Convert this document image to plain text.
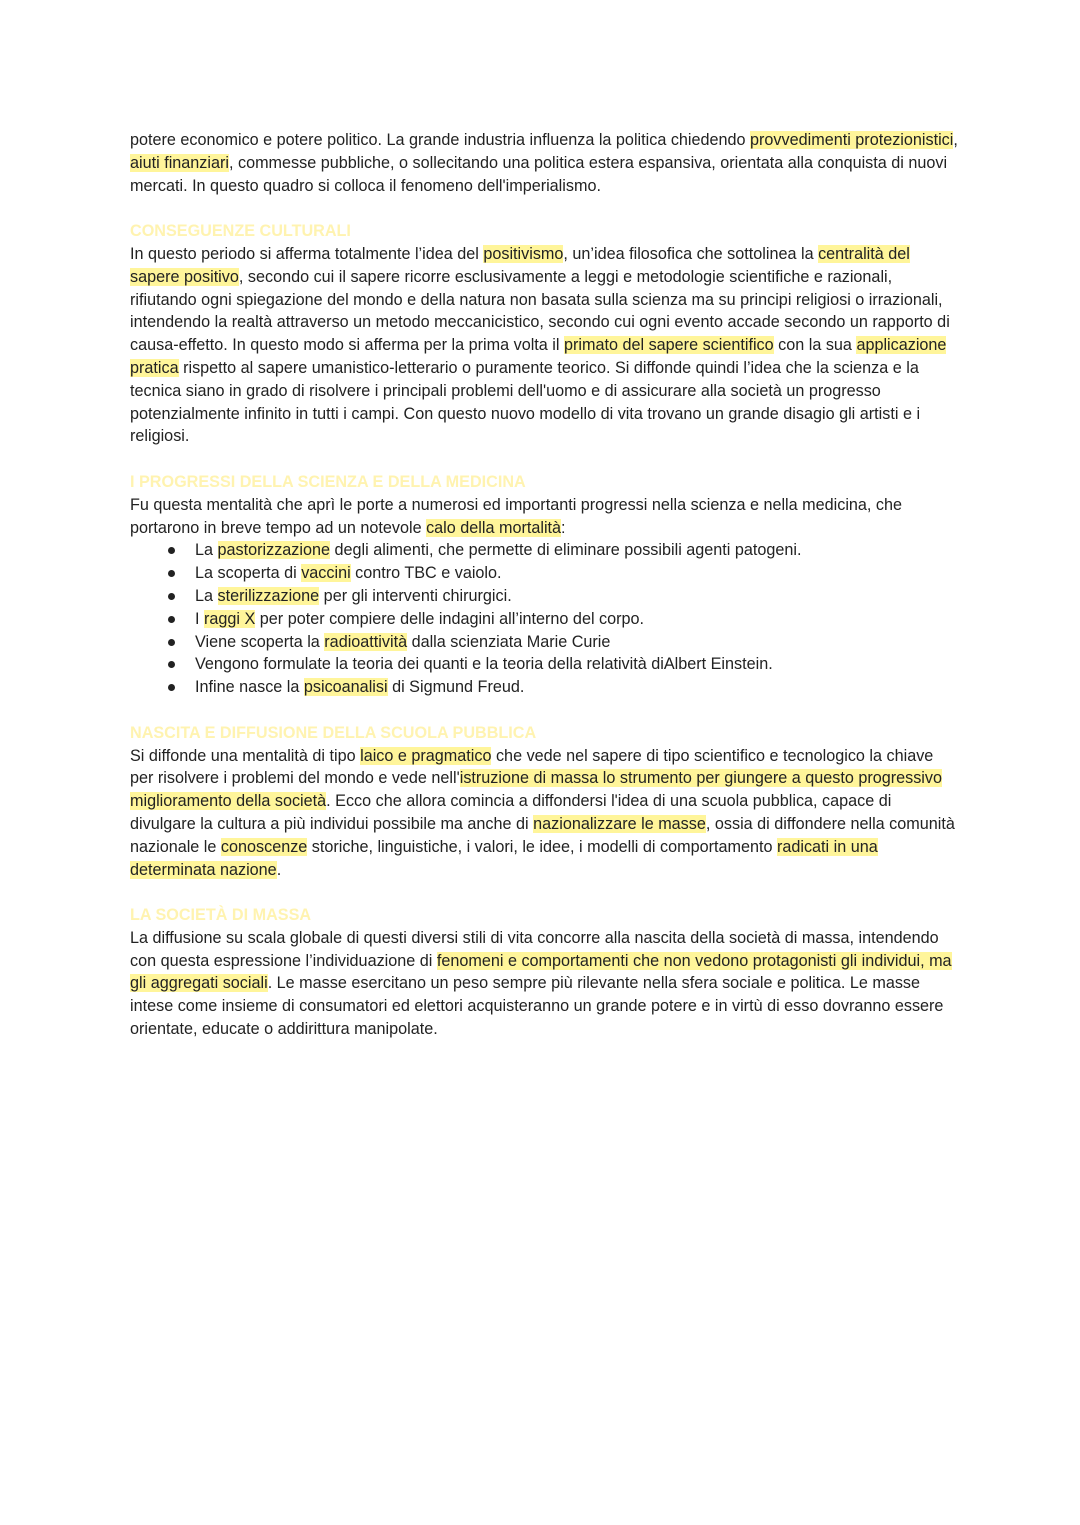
potere economico e potere politico. La grande industria influenza la politica chiedendo provvedimenti protezionistici, aiuti finanziari, commesse pubbliche, o sollecitando una politica estera espansiva, orientata alla conquista di nuovi mercati. In questo quadro si colloca il fenomeno dell'imperialismo.

CONSEGUENZE CULTURALI

In questo periodo si afferma totalmente l’idea del positivismo, un’idea filosofica che sottolinea la centralità del sapere positivo, secondo cui il sapere ricorre esclusivamente a leggi e metodologie scientifiche e razionali, rifiutando ogni spiegazione del mondo e della natura non basata sulla scienza ma su principi religiosi o irrazionali, intendendo la realtà attraverso un metodo meccanicistico, secondo cui ogni evento accade secondo un rapporto di causa-effetto. In questo modo si afferma per la prima volta il primato del sapere scientifico con la sua applicazione pratica rispetto al sapere umanistico-letterario o puramente teorico. Si diffonde quindi l’idea che la scienza e la tecnica siano in grado di risolvere i principali problemi dell'uomo e di assicurare alla società un progresso potenzialmente infinito in tutti i campi. Con questo nuovo modello di vita trovano un grande disagio gli artisti e i religiosi.

I PROGRESSI DELLA SCIENZA E DELLA MEDICINA

Fu questa mentalità che aprì le porte a numerosi ed importanti progressi nella scienza e nella medicina, che portarono in breve tempo ad un notevole calo della mortalità:

La pastorizzazione degli alimenti, che permette di eliminare possibili agenti patogeni.
La scoperta di vaccini contro TBC e vaiolo.
La sterilizzazione per gli interventi chirurgici.
I raggi X per poter compiere delle indagini all’interno del corpo.
Viene scoperta la radioattività dalla scienziata Marie Curie
Vengono formulate la teoria dei quanti e la teoria della relatività diAlbert Einstein.
Infine nasce la psicoanalisi di Sigmund Freud.
NASCITA E DIFFUSIONE DELLA SCUOLA PUBBLICA

Si diffonde una mentalità di tipo laico e pragmatico che vede nel sapere di tipo scientifico e tecnologico la chiave per risolvere i problemi del mondo e vede nell'istruzione di massa lo strumento per giungere a questo progressivo miglioramento della società. Ecco che allora comincia a diffondersi l'idea di una scuola pubblica, capace di divulgare la cultura a più individui possibile ma anche di nazionalizzare le masse, ossia di diffondere nella comunità nazionale le conoscenze storiche, linguistiche, i valori, le idee, i modelli di comportamento radicati in una determinata nazione.

LA SOCIETÀ DI MASSA

La diffusione su scala globale di questi diversi stili di vita concorre alla nascita della società di massa, intendendo con questa espressione l’individuazione di fenomeni e comportamenti che non vedono protagonisti gli individui, ma gli aggregati sociali. Le masse esercitano un peso sempre più rilevante nella sfera sociale e politica. Le masse intese come insieme di consumatori ed elettori acquisteranno un grande potere e in virtù di esso dovranno essere orientate, educate o addirittura manipolate.
